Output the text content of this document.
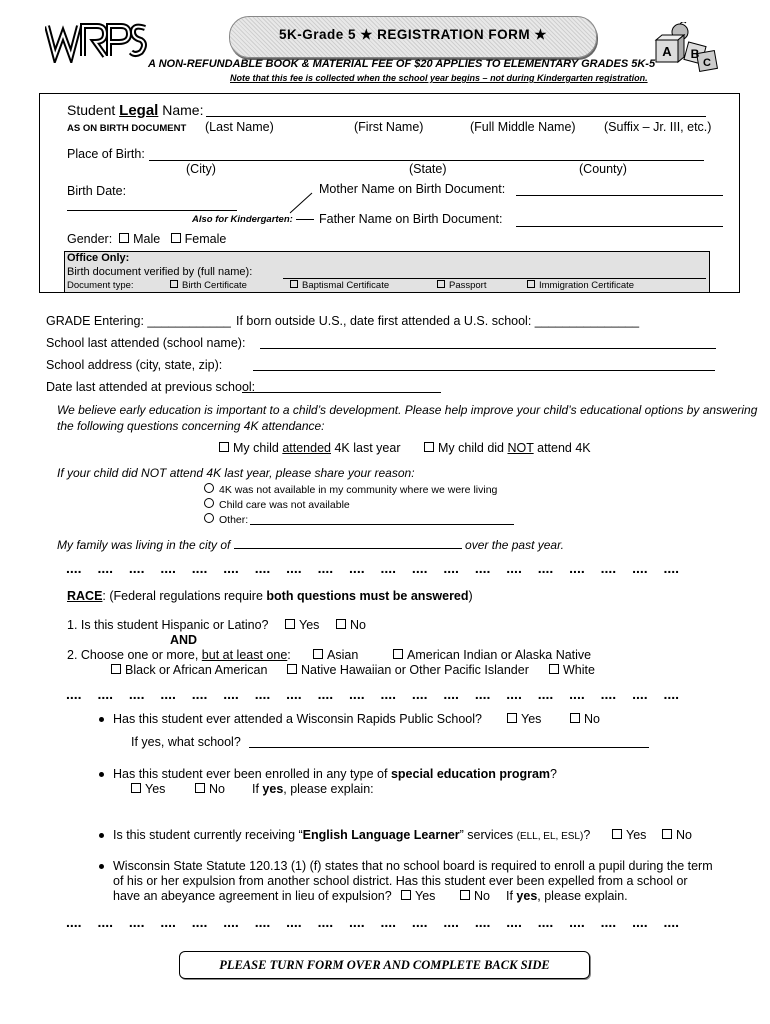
5K-Grade 5 ★ REGISTRATION FORM ★
A B
C
A NON-REFUNDABLE BOOK & MATERIAL FEE OF $20 APPLIES TO ELEMENTARY GRADES 5K-5
Note that this fee is collected when the school year begins – not during Kindergarten registration.
Student Legal Name:
AS ON BIRTH DOCUMENT (Last Name)	(First Name)	(Full Middle Name) (Suffix – Jr. III, etc.)
Place of Birth:
(City)	(State)	(County)
Birth Date:	Mother Name on Birth Document:
Also for Kindergarten: Father Name on Birth Document:
Gender: Male Female
Office Only:
Birth document verified by (full name):
Document type:	Birth Certificate	Baptismal Certificate	Passport	Immigration Certificate
GRADE Entering: ____________ If born outside U.S., date first attended a U.S. school: _______________
School last attended (school name):
School address (city, state, zip):
Date last attended at previous school:
We believe early education is important to a child’s development. Please help improve your child’s educational options by answering
the following questions concerning 4K attendance:
My child attended 4K last year	My child did NOT attend 4K
If your child did NOT attend 4K last year, please share your reason:
4K was not available in my community where we were living
Child care was not available
Other:
My family was living in the city of	over the past year.
.... .... .... .... .... .... .... .... .... .... .... .... .... .... .... .... .... .... .... ....
RACE: (Federal regulations require both questions must be answered)
1. Is this student Hispanic or Latino?	Yes	No
AND
2. Choose one or more, but at least one:	Asian	American Indian or Alaska Native
Black or African American	Native Hawaiian or Other Pacific Islander	White
.... .... .... .... .... .... .... .... .... .... .... .... .... .... .... .... .... .... .... ....
Has this student ever attended a Wisconsin Rapids Public School?	Yes	No
If yes, what school?
Has this student ever been enrolled in any type of special education program?
Yes	No If yes, please explain:
Is this student currently receiving “English Language Learner” services (ELL, EL, ESL)?	Yes	No
Wisconsin State Statute 120.13 (1) (f) states that no school board is required to enroll a pupil during the term
of his or her expulsion from another school district. Has this student ever been expelled from a school or
have an abeyance agreement in lieu of expulsion?	Yes	No If yes, please explain.
.... .... .... .... .... .... .... .... .... .... .... .... .... .... .... .... .... .... .... ....
PLEASE TURN FORM OVER AND COMPLETE BACK SIDE
